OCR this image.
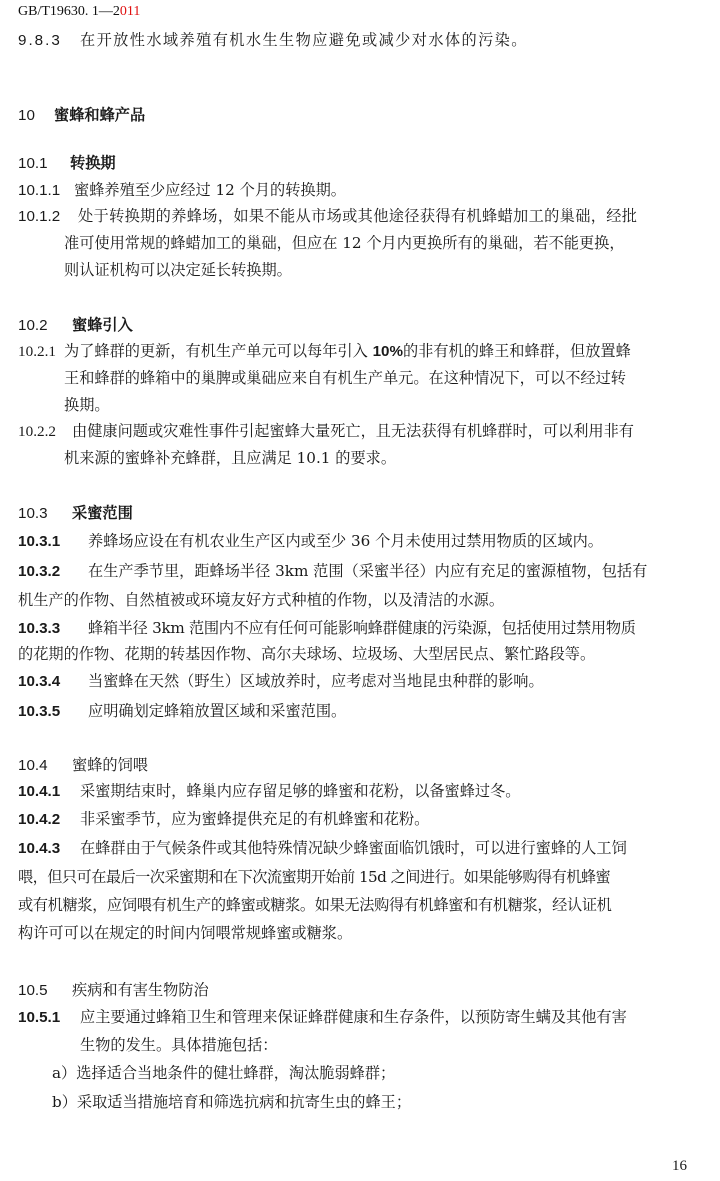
GB/T19630. 1—2011
9.8.3 在开放性水域养殖有机水生生物应避免或减少对水体的污染。
10 蜜蜂和蜂产品
10.1 转换期
10.1.1 蜜蜂养殖至少应经过 12 个月的转换期。
10.1.2 处于转换期的养蜂场，如果不能从市场或其他途径获得有机蜂蜡加工的巢础，经批
准可使用常规的蜂蜡加工的巢础，但应在 12 个月内更换所有的巢础，若不能更换，
则认证机构可以决定延长转换期。
10.2 蜜蜂引入
10.2.1 为了蜂群的更新，有机生产单元可以每年引入 10%的非有机的蜂王和蜂群，但放置蜂
王和蜂群的蜂箱中的巢脾或巢础应来自有机生产单元。在这种情况下，可以不经过转
换期。
10.2.2 由健康问题或灾难性事件引起蜜蜂大量死亡，且无法获得有机蜂群时，可以利用非有
机来源的蜜蜂补充蜂群，且应满足 10.1 的要求。
10.3 采蜜范围
10.3.1 养蜂场应设在有机农业生产区内或至少 36 个月未使用过禁用物质的区域内。
10.3.2 在生产季节里，距蜂场半径 3km 范围（采蜜半径）内应有充足的蜜源植物，包括有
机生产的作物、自然植被或环境友好方式种植的作物，以及清洁的水源。
10.3.3 蜂箱半径 3km 范围内不应有任何可能影响蜂群健康的污染源，包括使用过禁用物质
的花期的作物、花期的转基因作物、高尔夫球场、垃圾场、大型居民点、繁忙路段等。
10.3.4 当蜜蜂在天然（野生）区域放养时，应考虑对当地昆虫种群的影响。
10.3.5 应明确划定蜂箱放置区域和采蜜范围。
10.4 蜜蜂的饲喂
10.4.1 采蜜期结束时，蜂巢内应存留足够的蜂蜜和花粉，以备蜜蜂过冬。
10.4.2 非采蜜季节，应为蜜蜂提供充足的有机蜂蜜和花粉。
10.4.3 在蜂群由于气候条件或其他特殊情况缺少蜂蜜面临饥饿时，可以进行蜜蜂的人工饲
喂，但只可在最后一次采蜜期和在下次流蜜期开始前 15d 之间进行。如果能够购得有机蜂蜜
或有机糖浆，应饲喂有机生产的蜂蜜或糖浆。如果无法购得有机蜂蜜和有机糖浆，经认证机
构许可可以在规定的时间内饲喂常规蜂蜜或糖浆。
10.5 疾病和有害生物防治
10.5.1 应主要通过蜂箱卫生和管理来保证蜂群健康和生存条件，以预防寄生螨及其他有害
生物的发生。具体措施包括：
a）选择适合当地条件的健壮蜂群，淘汰脆弱蜂群；
b）采取适当措施培育和筛选抗病和抗寄生虫的蜂王；
16
